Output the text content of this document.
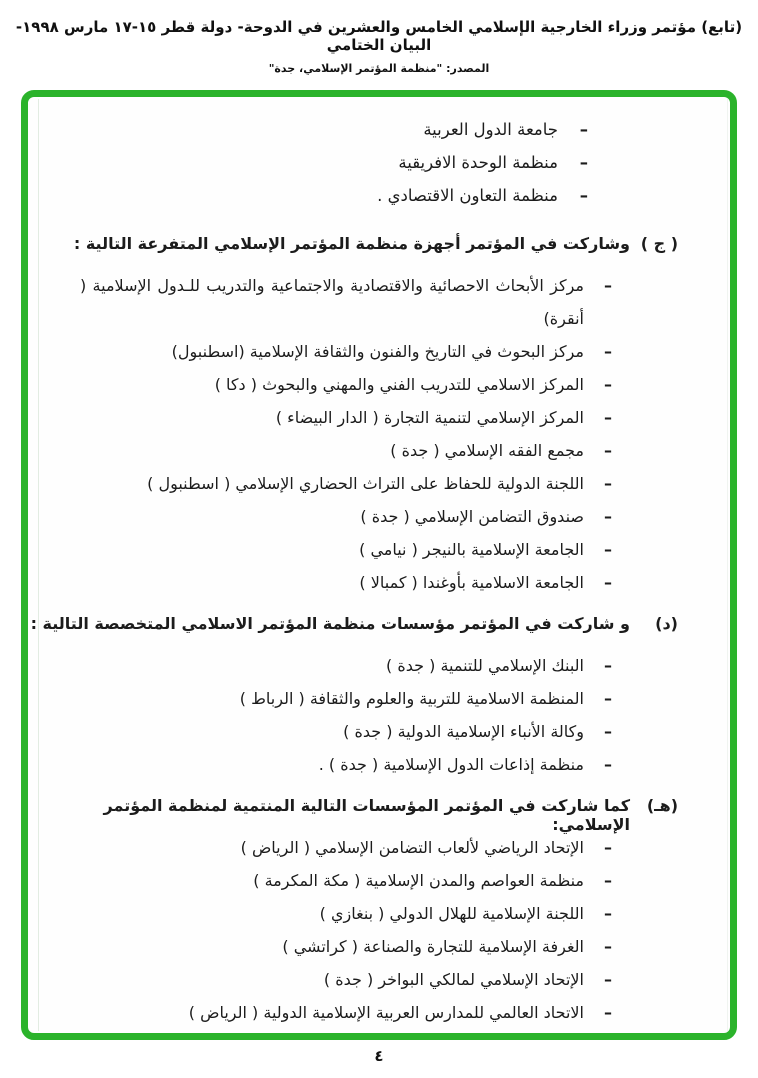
(تابع) مؤتمر وزراء الخارجية الإسلامي الخامس والعشرين في الدوحة- دولة قطر ١٥-١٧ مارس ١٩٩٨- البيان الختامي
المصدر: "منظمة المؤتمر الإسلامي، جدة"
–
جامعة الدول العربية
–
منظمة الوحدة الافريقية
–
منظمة التعاون الاقتصادي .
( ج )
وشاركت في المؤتمر أجهزة منظمة المؤتمر الإسلامي المتفرعة التالية :
–
مركز الأبحاث الاحصائية والاقتصادية والاجتماعية والتدريب للـدول الإسلامية ( أنقرة)
–
مركز البحوث في التاريخ والفنون والثقافة الإسلامية (اسطنبول)
–
المركز الاسلامي للتدريب الفني والمهني والبحوث ( دكا )
–
المركز الإسلامي لتنمية التجارة ( الدار البيضاء )
–
مجمع الفقه الإسلامي ( جدة )
–
اللجنة الدولية للحفاظ على التراث الحضاري الإسلامي ( اسطنبول )
–
صندوق التضامن الإسلامي ( جدة )
–
الجامعة الإسلامية بالنيجر ( نيامي )
–
الجامعة الاسلامية بأوغندا ( كمبالا )
(د)
و شاركت في المؤتمر مؤسسات منظمة المؤتمر الاسلامي المتخصصة التالية :
–
البنك الإسلامي للتنمية ( جدة )
–
المنظمة الاسلامية للتربية والعلوم والثقافة ( الرباط )
–
وكالة الأنباء الإسلامية الدولية ( جدة )
–
منظمة إذاعات الدول الإسلامية ( جدة ) .
(هـ)
كما شاركت في المؤتمر المؤسسات التالية المنتمية لمنظمة المؤتمر الإسلامي:
–
الإتحاد الرياضي لألعاب التضامن الإسلامي ( الرياض )
–
منظمة العواصم والمدن الإسلامية ( مكة المكرمة )
–
اللجنة الإسلامية للهلال الدولي ( بنغازي )
–
الغرفة الإسلامية للتجارة والصناعة ( كراتشي )
–
الإتحاد الإسلامي لمالكي البواخر ( جدة )
–
الاتحاد العالمي للمدارس العربية الإسلامية الدولية ( الرياض )
٤
